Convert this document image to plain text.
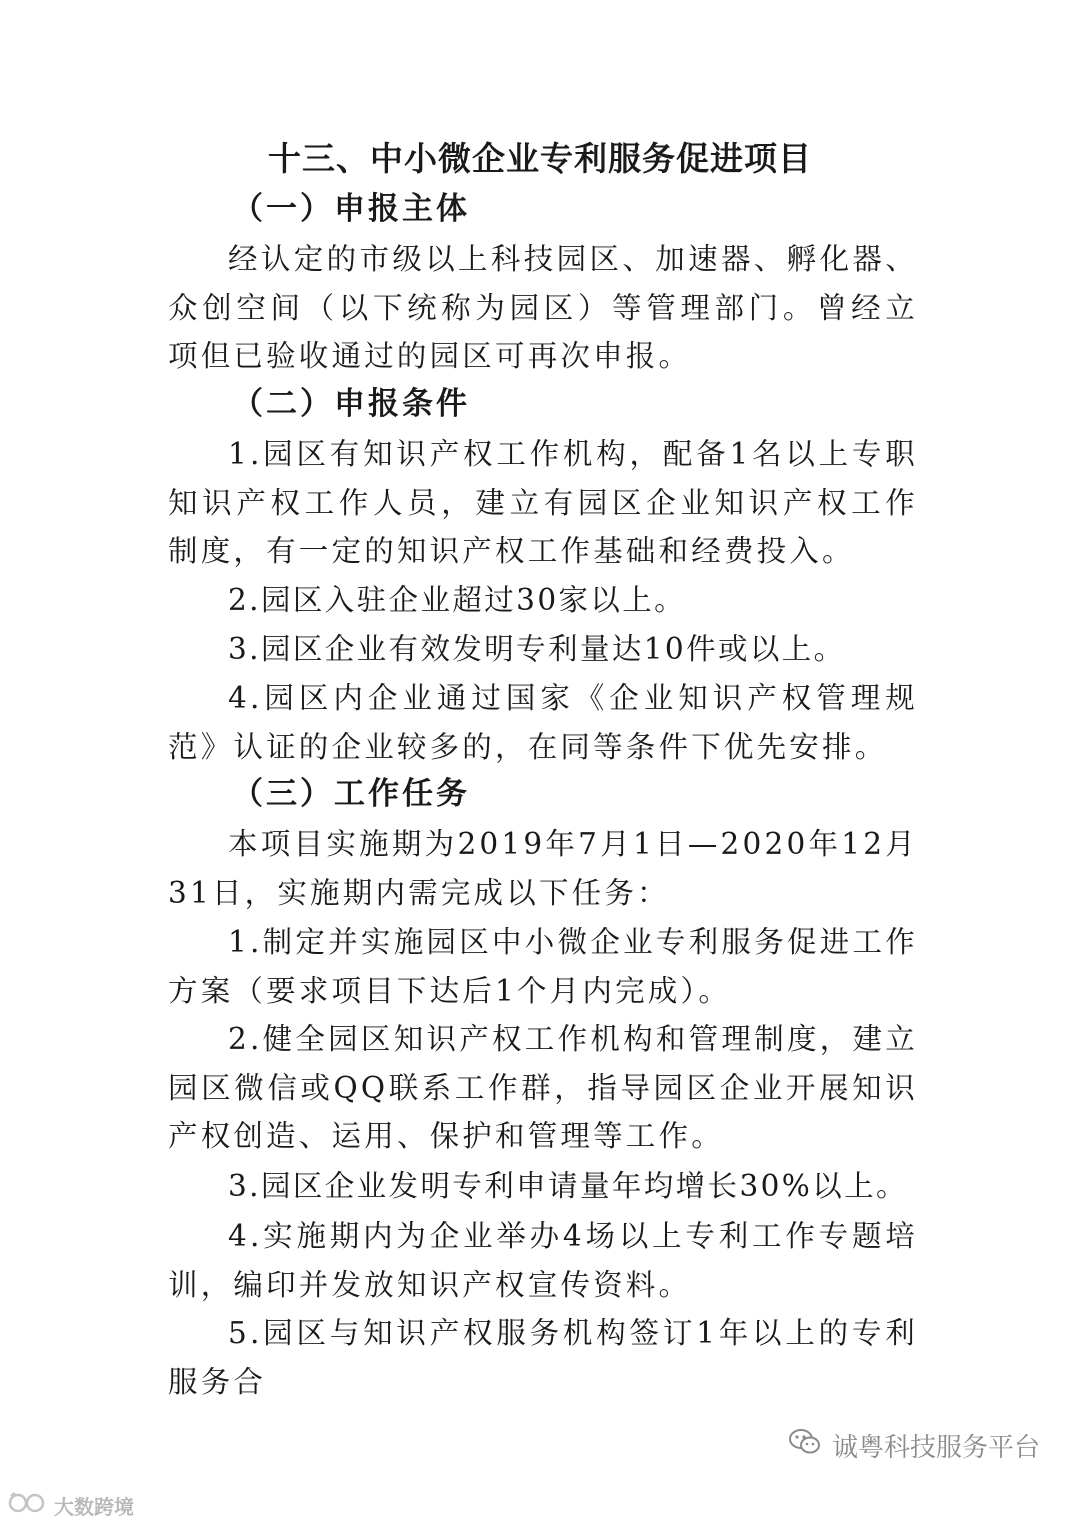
十三、中小微企业专利服务促进项目
（一）申报主体
经认定的市级以上科技园区、加速器、孵化器、众创空间（以下统称为园区）等管理部门。曾经立项但已验收通过的园区可再次申报。
（二）申报条件
1.园区有知识产权工作机构，配备1名以上专职知识产权工作人员，建立有园区企业知识产权工作制度，有一定的知识产权工作基础和经费投入。
2.园区入驻企业超过30家以上。
3.园区企业有效发明专利量达10件或以上。
4.园区内企业通过国家《企业知识产权管理规范》认证的企业较多的，在同等条件下优先安排。
（三）工作任务
本项目实施期为2019年7月1日—2020年12月31日，实施期内需完成以下任务：
1.制定并实施园区中小微企业专利服务促进工作方案（要求项目下达后1个月内完成）。
2.健全园区知识产权工作机构和管理制度，建立园区微信或QQ联系工作群，指导园区企业开展知识产权创造、运用、保护和管理等工作。
3.园区企业发明专利申请量年均增长30%以上。
4.实施期内为企业举办4场以上专利工作专题培训，编印并发放知识产权宣传资料。
5.园区与知识产权服务机构签订1年以上的专利服务合
诚粤科技服务平台
大数跨境
